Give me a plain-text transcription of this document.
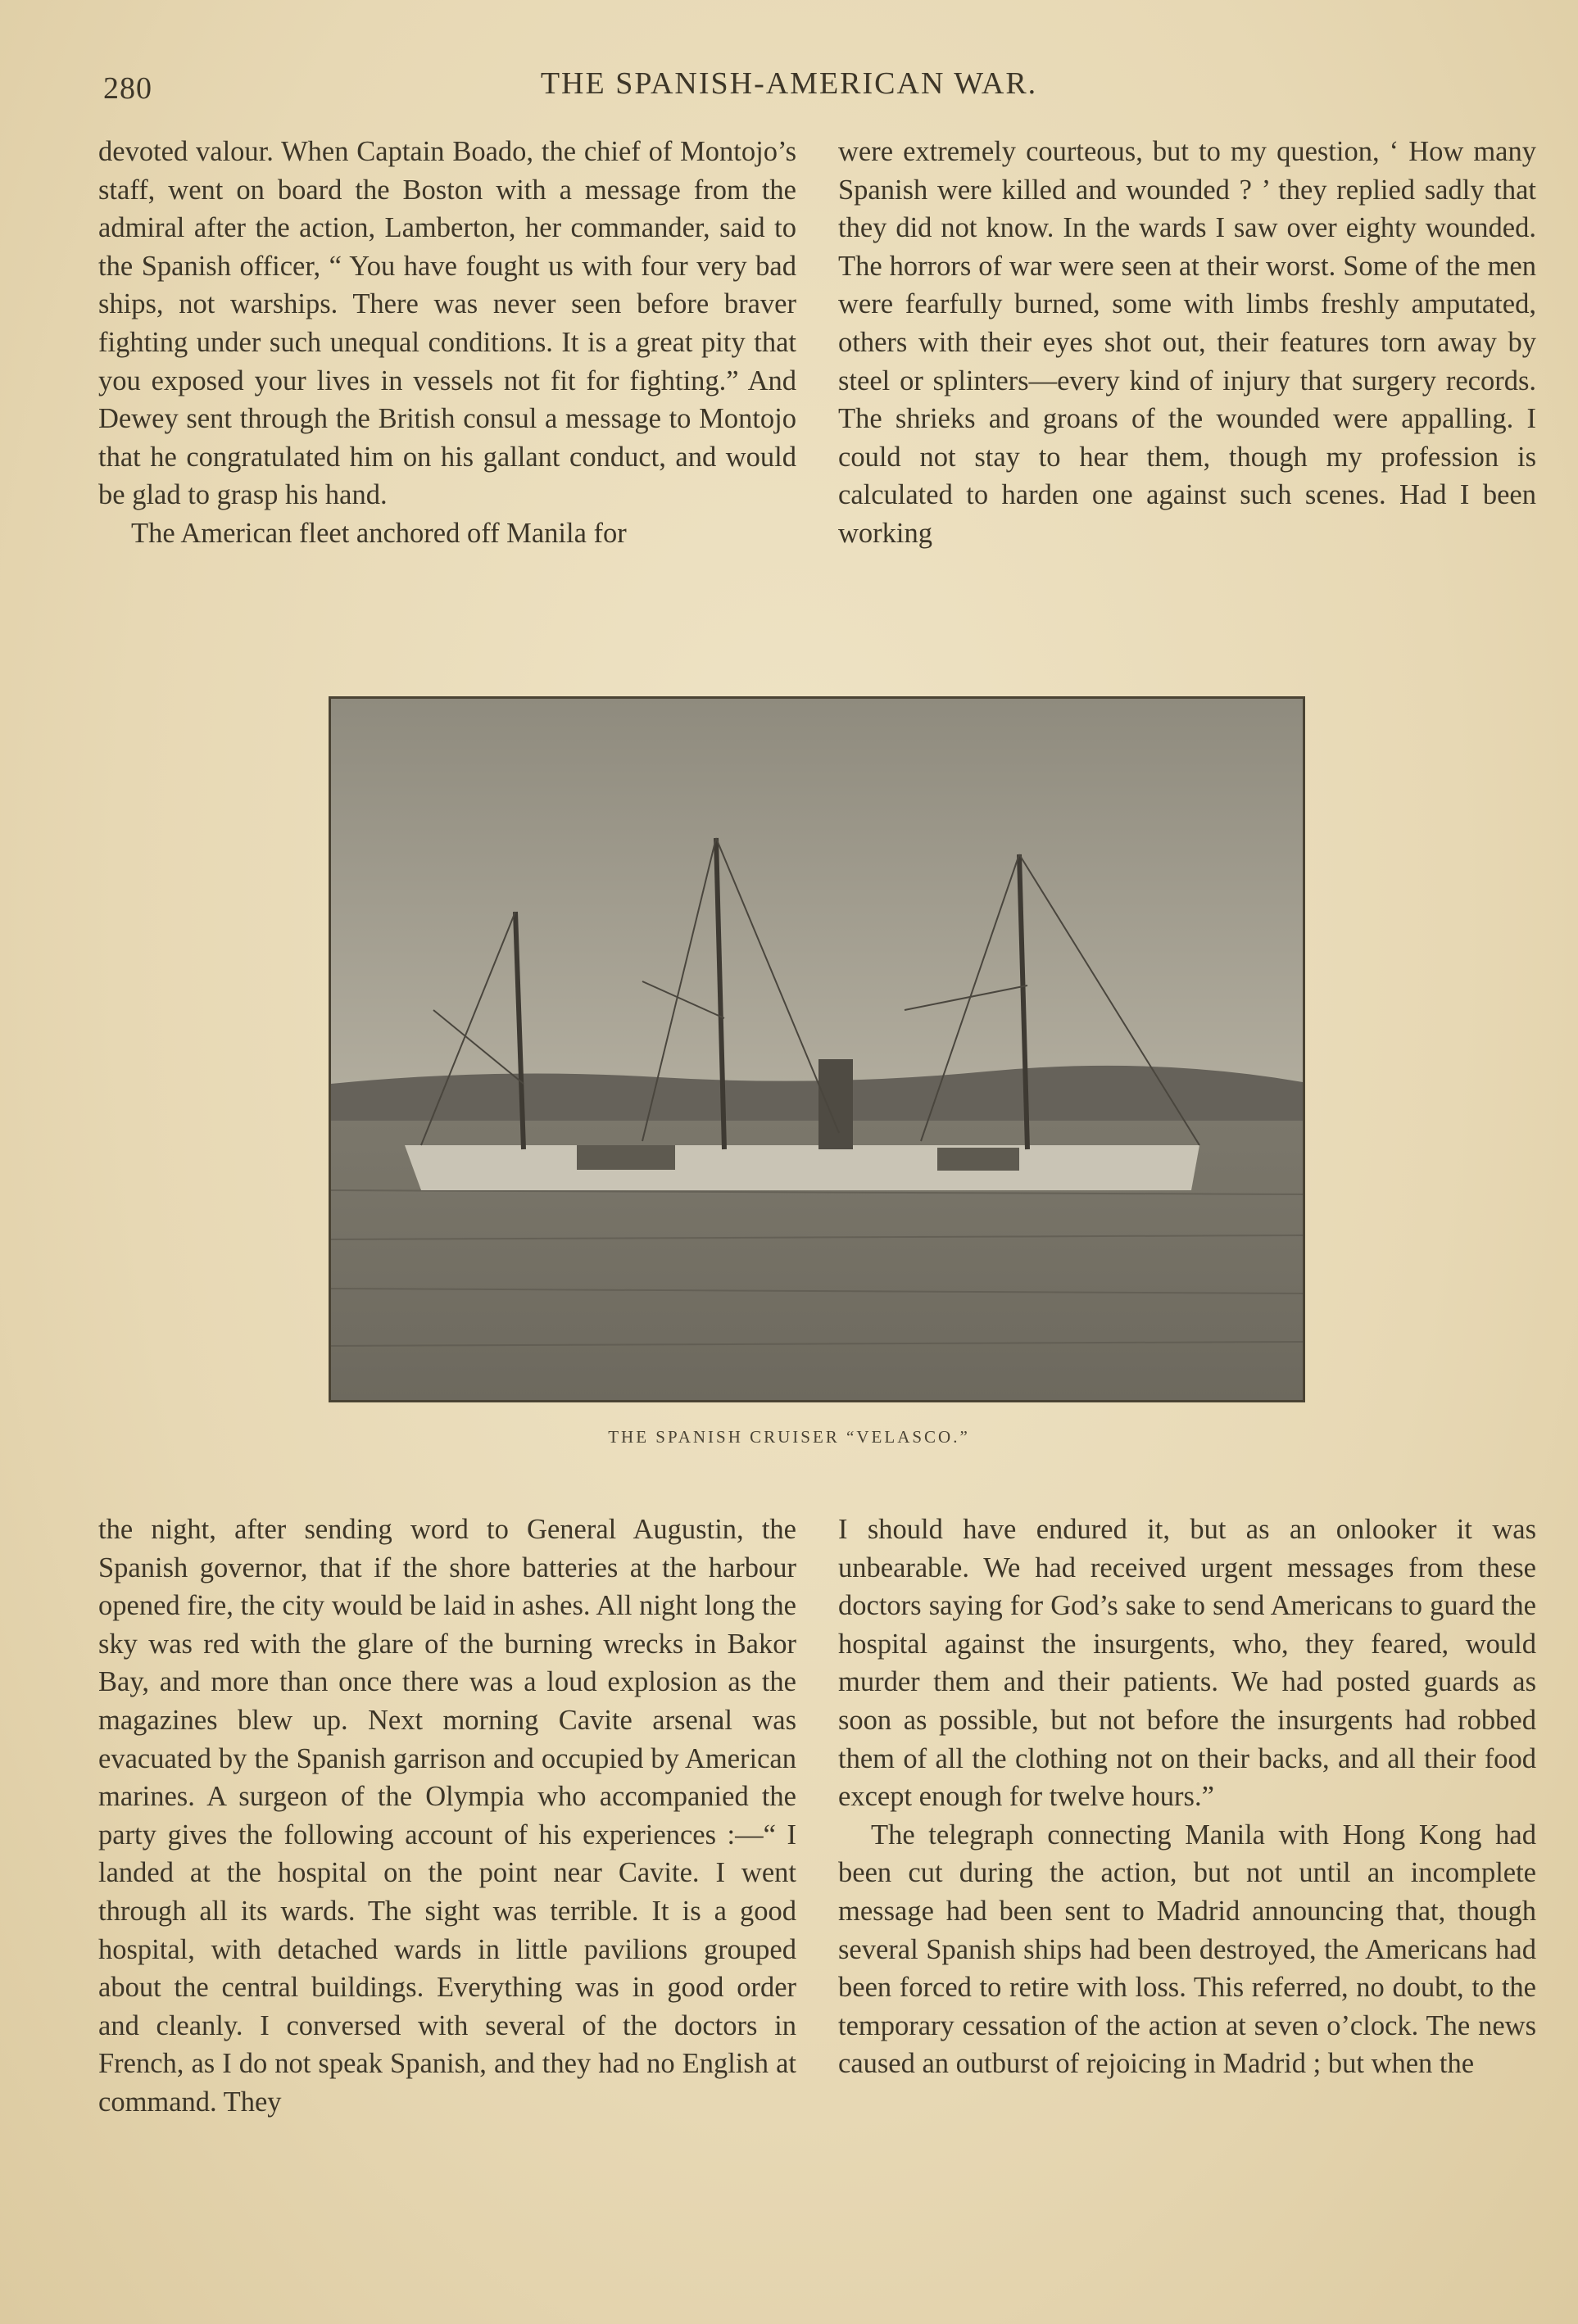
280	THE SPANISH-AMERICAN WAR.

devoted valour. When Captain Boado, the chief of Montojo’s staff, went on board the Boston with a message from the admiral after the action, Lamberton, her commander, said to the Spanish officer, “ You have fought us with four very bad ships, not warships. There was never seen before braver fighting under such unequal conditions. It is a great pity that you exposed your lives in vessels not fit for fighting.” And Dewey sent through the British consul a message to Montojo that he congratulated him on his gallant conduct, and would be glad to grasp his hand.

The American fleet anchored off Manila for

were extremely courteous, but to my question, ‘ How many Spanish were killed and wounded ? ’ they replied sadly that they did not know. In the wards I saw over eighty wounded. The horrors of war were seen at their worst. Some of the men were fearfully burned, some with limbs freshly amputated, others with their eyes shot out, their features torn away by steel or splinters—every kind of injury that surgery records. The shrieks and groans of the wounded were appalling. I could not stay to hear them, though my profession is calculated to harden one against such scenes. Had I been working

THE SPANISH CRUISER “VELASCO.”

the night, after sending word to General Augustin, the Spanish governor, that if the shore batteries at the harbour opened fire, the city would be laid in ashes. All night long the sky was red with the glare of the burning wrecks in Bakor Bay, and more than once there was a loud explosion as the magazines blew up. Next morning Cavite arsenal was evacuated by the Spanish garrison and occupied by American marines. A surgeon of the Olympia who accompanied the party gives the following account of his experiences :—“ I landed at the hospital on the point near Cavite. I went through all its wards. The sight was terrible. It is a good hospital, with detached wards in little pavilions grouped about the central buildings. Everything was in good order and cleanly. I conversed with several of the doctors in French, as I do not speak Spanish, and they had no English at command. They

I should have endured it, but as an onlooker it was unbearable. We had received urgent messages from these doctors saying for God’s sake to send Americans to guard the hospital against the insurgents, who, they feared, would murder them and their patients. We had posted guards as soon as possible, but not before the insurgents had robbed them of all the clothing not on their backs, and all their food except enough for twelve hours.”

The telegraph connecting Manila with Hong Kong had been cut during the action, but not until an incomplete message had been sent to Madrid announcing that, though several Spanish ships had been destroyed, the Americans had been forced to retire with loss. This referred, no doubt, to the temporary cessation of the action at seven o’clock. The news caused an outburst of rejoicing in Madrid ; but when the
